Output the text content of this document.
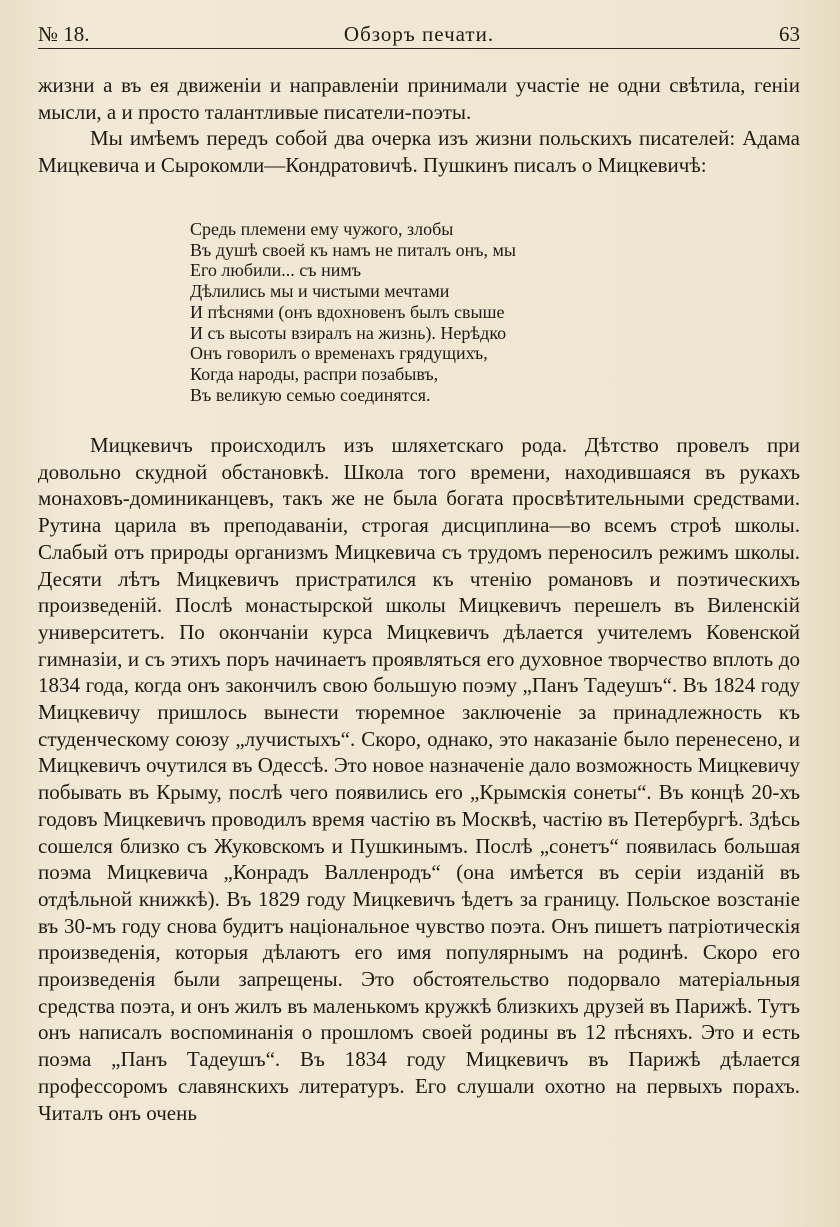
№ 18.	Обзоръ печати.	63

жизни а въ ея движенiи и направленiи принимали участiе не одни свѣтила, генiи мысли, а и просто талантливые писатели-поэты.

Мы имѣемъ передъ собой два очерка изъ жизни польскихъ писателей: Адама Мицкевича и Сырокомли—Кондратовичѣ. Пушкинъ писалъ о Мицкевичѣ:

Средь племени ему чужого, злобы
Въ душѣ своей къ намъ не питалъ онъ, мы
Его любили... съ нимъ
Дѣлились мы и чистыми мечтами
И пѣснями (онъ вдохновенъ былъ свыше
И съ высоты взиралъ на жизнь). Нерѣдко
Онъ говорилъ о временахъ грядущихъ,
Когда народы, распри позабывъ,
Въ великую семью соединятся.

Мицкевичъ происходилъ изъ шляхетскаго рода. Дѣтство провелъ при довольно скудной обстановкѣ. Школа того времени, находившаяся въ рукахъ монаховъ-доминиканцевъ, такъ же не была богата просвѣтительными средствами. Рутина царила въ преподаванiи, строгая дисциплина—во всемъ строѣ школы. Слабый отъ природы организмъ Мицкевича съ трудомъ переносилъ режимъ школы. Десяти лѣтъ Мицкевичъ пристратился къ чтенiю романовъ и поэтическихъ произведенiй. Послѣ монастырской школы Мицкевичъ перешелъ въ Виленскiй университетъ. По окончанiи курса Мицкевичъ дѣлается учителемъ Ковенской гимназiи, и съ этихъ поръ начинаетъ проявляться его духовное творчество вплоть до 1834 года, когда онъ закончилъ свою большую поэму „Панъ Тадеушъ“. Въ 1824 году Мицкевичу пришлось вынести тюремное заключенiе за принадлежность къ студенческому союзу „лучистыхъ“. Скоро, однако, это наказанiе было перенесено, и Мицкевичъ очутился въ Одессѣ. Это новое назначенiе дало возможность Мицкевичу побывать въ Крыму, послѣ чего появились его „Крымскiя сонеты“. Въ концѣ 20-хъ годовъ Мицкевичъ проводилъ время частiю въ Москвѣ, частiю въ Петербургѣ. Здѣсь сошелся близко съ Жуковскомъ и Пушкинымъ. Послѣ „сонетъ“ появилась большая поэма Мицкевича „Конрадъ Валленродъ“ (она имѣется въ серiи изданiй въ отдѣльной книжкѣ). Въ 1829 году Мицкевичъ ѣдетъ за границу. Польское возстанiе въ 30-мъ году снова будитъ нацiональное чувство поэта. Онъ пишетъ патрiотическiя произведенiя, которыя дѣлаютъ его имя популярнымъ на родинѣ. Скоро его произведенiя были запрещены. Это обстоятельство подорвало матерiальныя средства поэта, и онъ жилъ въ маленькомъ кружкѣ близкихъ друзей въ Парижѣ. Тутъ онъ написалъ воспоминанiя о прошломъ своей родины въ 12 пѣсняхъ. Это и есть поэма „Панъ Тадеушъ“. Въ 1834 году Мицкевичъ въ Парижѣ дѣлается профессоромъ славянскихъ литературъ. Его слушали охотно на первыхъ порахъ. Читалъ онъ очень
